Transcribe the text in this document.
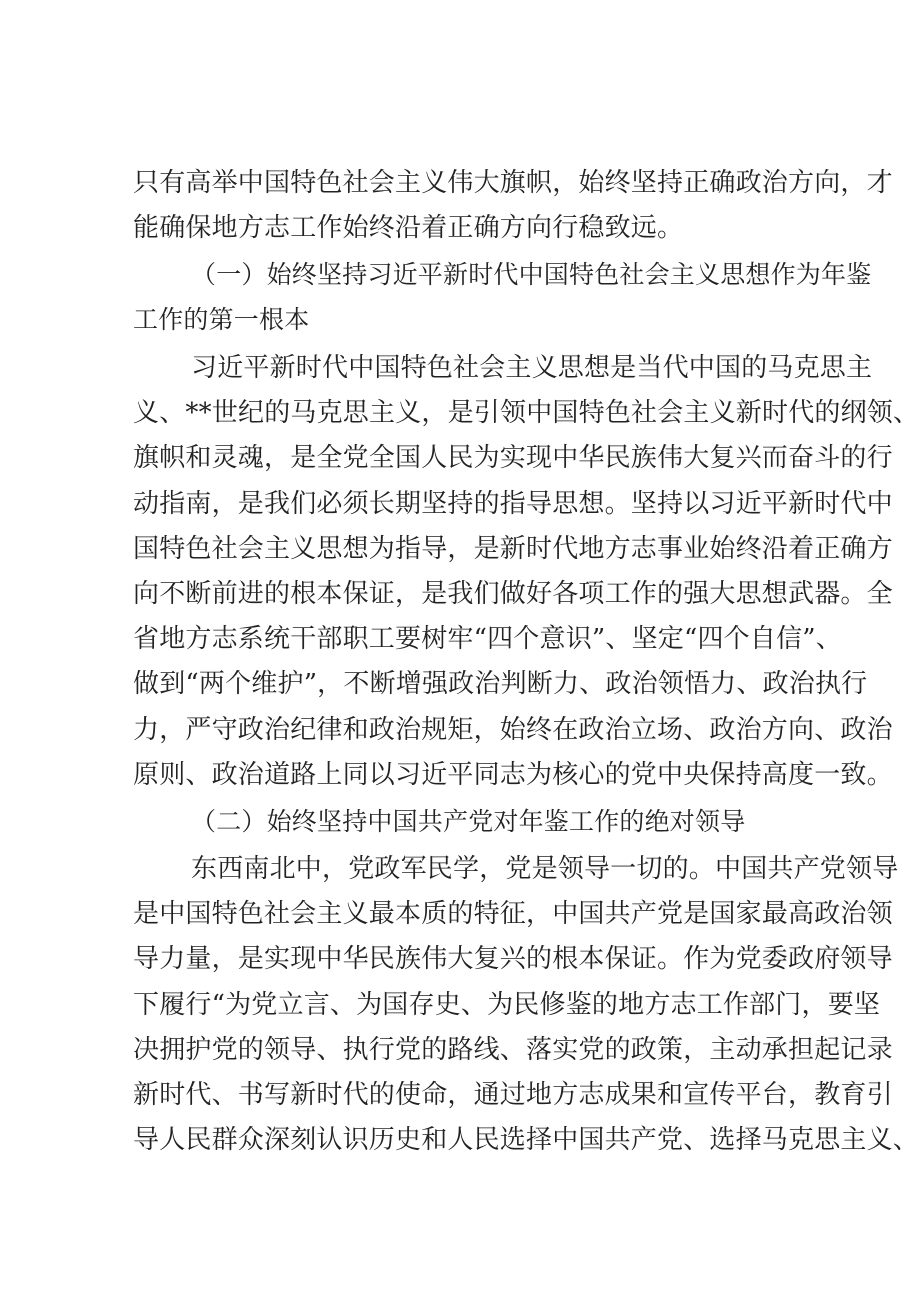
只有高举中国特色社会主义伟大旗帜，始终坚持正确政治方向，才
能确保地方志工作始终沿着正确方向行稳致远。
（一）始终坚持习近平新时代中国特色社会主义思想作为年鉴
工作的第一根本
习近平新时代中国特色社会主义思想是当代中国的马克思主
义、**世纪的马克思主义，是引领中国特色社会主义新时代的纲领、
旗帜和灵魂，是全党全国人民为实现中华民族伟大复兴而奋斗的行
动指南，是我们必须长期坚持的指导思想。坚持以习近平新时代中
国特色社会主义思想为指导，是新时代地方志事业始终沿着正确方
向不断前进的根本保证，是我们做好各项工作的强大思想武器。全
省地方志系统干部职工要树牢“四个意识”、坚定“四个自信”、
做到“两个维护”，不断增强政治判断力、政治领悟力、政治执行
力，严守政治纪律和政治规矩，始终在政治立场、政治方向、政治
原则、政治道路上同以习近平同志为核心的党中央保持高度一致。
（二）始终坚持中国共产党对年鉴工作的绝对领导
东西南北中，党政军民学，党是领导一切的。中国共产党领导
是中国特色社会主义最本质的特征，中国共产党是国家最高政治领
导力量，是实现中华民族伟大复兴的根本保证。作为党委政府领导
下履行“为党立言、为国存史、为民修鉴的地方志工作部门，要坚
决拥护党的领导、执行党的路线、落实党的政策，主动承担起记录
新时代、书写新时代的使命，通过地方志成果和宣传平台，教育引
导人民群众深刻认识历史和人民选择中国共产党、选择马克思主义、
